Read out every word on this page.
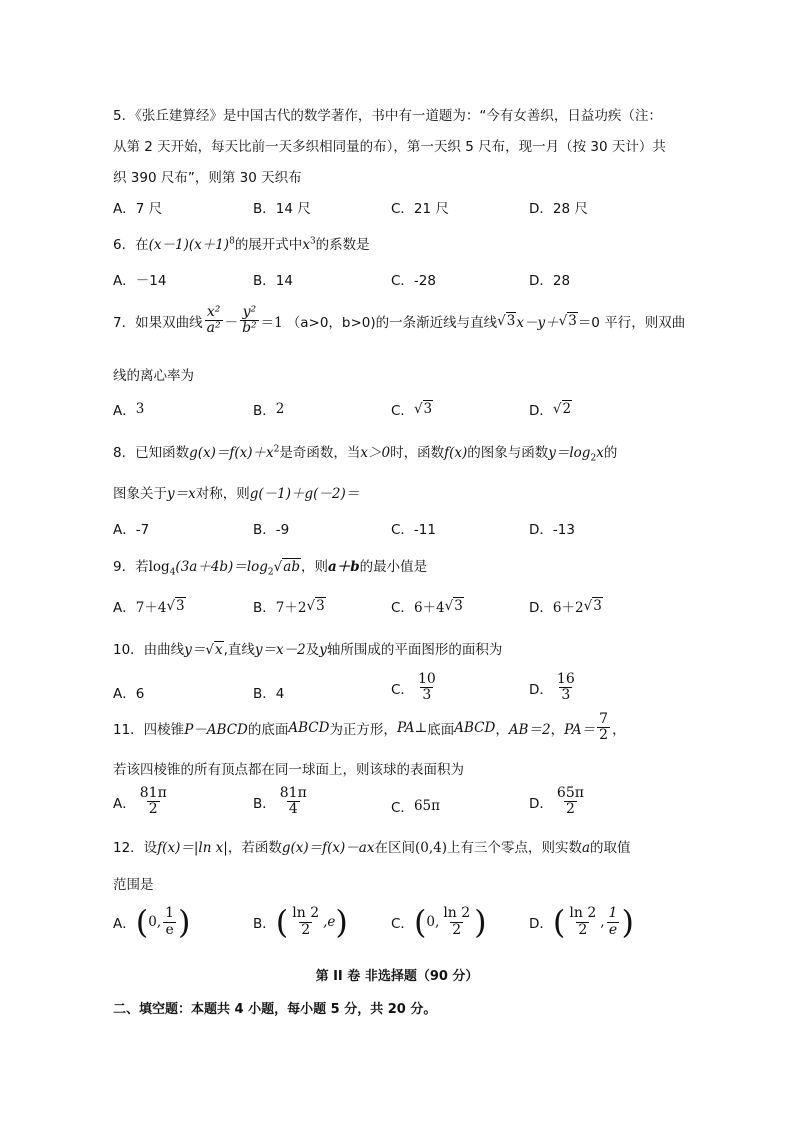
5．《张丘建算经》是中国古代的数学著作，书中有一道题为：“今有女善织，日益功疾（注：
从第 2 天开始，每天比前一天多织相同量的布），第一天织 5 尺布，现一月（按 30 天计）共
织 390 尺布”，则第 30 天织布
A．7 尺	B．14 尺	C．21 尺	D．28 尺
6．在$(x-1)(x+1)^8$的展开式中$x^3$的系数是
A．－14	B．14	C．-28	D．28
7．如果双曲线 $\frac{\text{x²}}{\text{a²}} - \frac{\text{y²}}{\text{b²}} =1$ （a>0，b>0)的一条渐近线与直线 √3 x－y＋ √3 ＝0 平行，则双曲
线的离心率为
A． 3	B． 2	C． √3	D． √2
8．已知函数$g(x)=f(x)+x^2$是奇函数，当x＞0时，函数f(x)的图象与函数$y=\log_2x$的
图象关于y＝x对称，则g(－1)＋g(－2)＝
A．-7	B．-9	C．-11	D．-13
9．若$\log_4(3a+4b)=\log_2√ab$，则a＋b的最小值是
A． 7＋4 √3	B． 7＋2 √3	C． 6＋4 √3	D． 6＋2 √3
10．由曲线y＝√x,直线y＝x－2及y轴所围成的平面图形的面积为
A．6	B．4	C． $\frac{10}{3}$	D． $\frac{16}{3}$
11．四棱锥 P－ABCD 的底面 ABCD 为正方形， PA⊥ 底面 ABCD ， AB＝2 ， $PA= \frac{7}{2}$ ，
若该四棱锥的所有顶点都在同一球面上，则该球的表面积为
A． $\frac{81\pi}{2}$	B． $\frac{81\pi}{4}$	C． 65π	D． $\frac{65\pi}{2}$
12．设f(x)＝|ln x|，若函数g(x)＝f(x)－ax在区间(0,4)上有三个零点，则实数a的取值
范围是
A． ( 0, $\frac{1}{e}$ )	B． ( $\frac{\ln 2}{2} ,e$ )	C． ( 0, $\frac{\ln 2}{2}$ )	D． ( $\frac{\ln 2}{2}$ , $\frac{1}{e}$ )
第 II 卷 非选择题（90 分）
二、填空题：本题共 4 小题，每小题 5 分，共 20 分。
